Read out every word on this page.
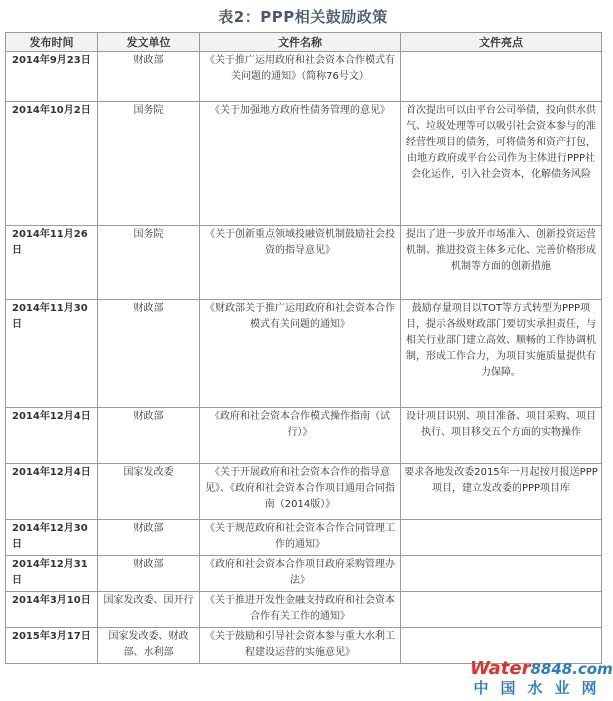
表2：PPP相关鼓励政策
发布时间	发文单位	文件名称	文件亮点
2014年9月23日	财政部	《关于推广运用政府和社会资本合作模式有关问题的通知》（简称76号文）	
2014年10月2日	国务院	《关于加强地方政府性债务管理的意见》	首次提出可以由平台公司举债，投向供水供气、垃圾处理等可以吸引社会资本参与的准经营性项目的债务，可将债务和资产打包，由地方政府或平台公司作为主体进行PPP社会化运作，引入社会资本，化解债务风险
2014年11月26日	国务院	《关于创新重点领域投融资机制鼓励社会投资的指导意见》	提出了进一步放开市场准入、创新投资运营机制、推进投资主体多元化、完善价格形成机制等方面的创新措施
2014年11月30日	财政部	《财政部关于推广运用政府和社会资本合作模式有关问题的通知》	鼓励存量项目以TOT等方式转型为PPP项目，提示各级财政部门要切实承担责任，与相关行业部门建立高效、顺畅的工作协调机制，形成工作合力，为项目实施质量提供有力保障。
2014年12月4日	财政部	《政府和社会资本合作模式操作指南（试行）》	设计项目识别、项目准备、项目采购、项目执行、项目移交五个方面的实物操作
2014年12月4日	国家发改委	《关于开展政府和社会资本合作的指导意见》、《政府和社会资本合作项目通用合同指南（2014版）》	要求各地发改委2015年一月起按月报送PPP项目，建立发改委的PPP项目库
2014年12月30日	财政部	《关于规范政府和社会资本合作合同管理工作的通知》	
2014年12月31日	财政部	《政府和社会资本合作项目政府采购管理办法》	
2014年3月10日	国家发改委、国开行	《关于推进开发性金融支持政府和社会资本合作有关工作的通知》	
2015年3月17日	国家发改委、财政部、水利部	《关于鼓励和引导社会资本参与重大水利工程建设运营的实施意见》	
Water8848.com
中国水业网
